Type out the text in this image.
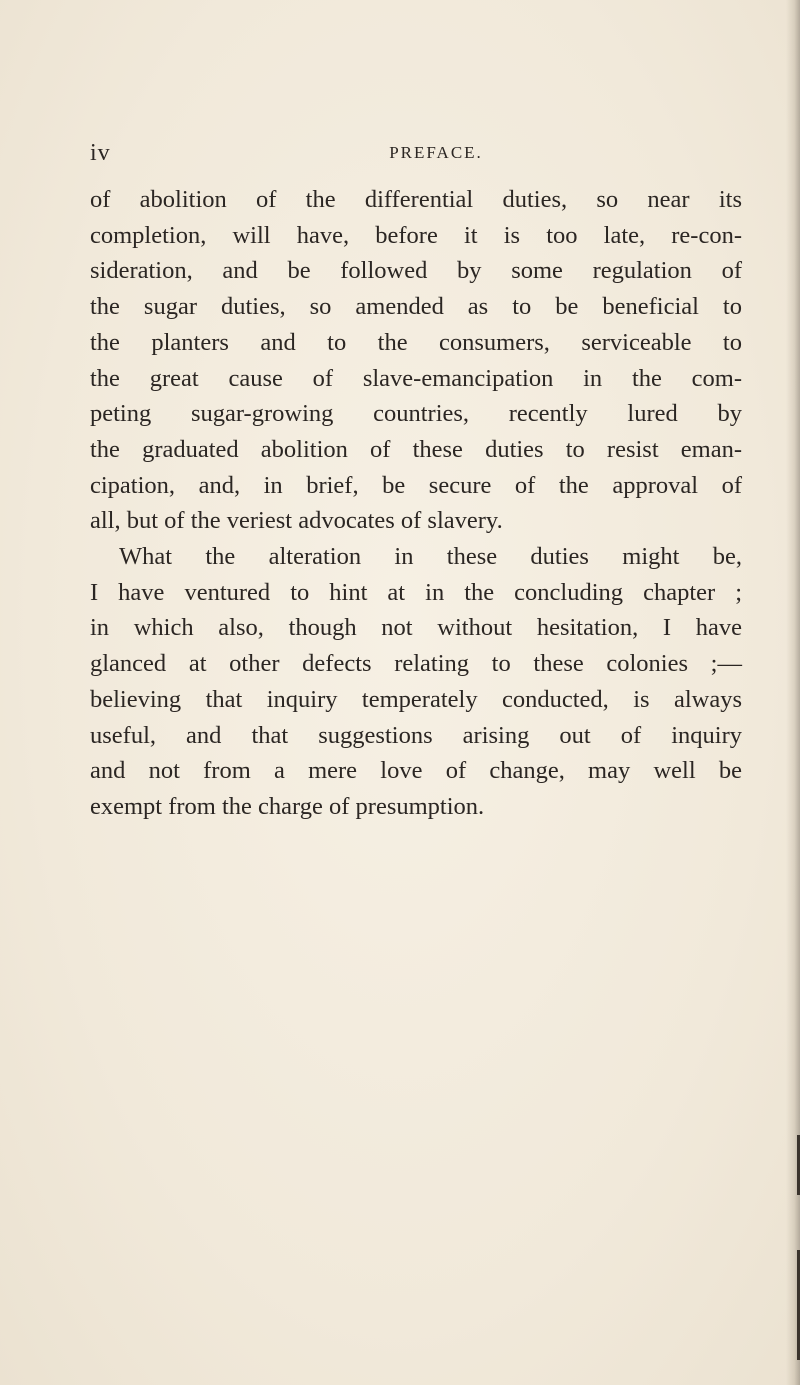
iv	PREFACE.
of abolition of the differential duties, so near its
completion, will have, before it is too late, re-con-
sideration, and be followed by some regulation of
the sugar duties, so amended as to be beneficial to
the planters and to the consumers, serviceable to
the great cause of slave-emancipation in the com-
peting sugar-growing countries, recently lured by
the graduated abolition of these duties to resist eman-
cipation, and, in brief, be secure of the approval of
all, but of the veriest advocates of slavery.
What the alteration in these duties might be,
I have ventured to hint at in the concluding chapter ;
in which also, though not without hesitation, I have
glanced at other defects relating to these colonies ;—
believing that inquiry temperately conducted, is always
useful, and that suggestions arising out of inquiry
and not from a mere love of change, may well be
exempt from the charge of presumption.
